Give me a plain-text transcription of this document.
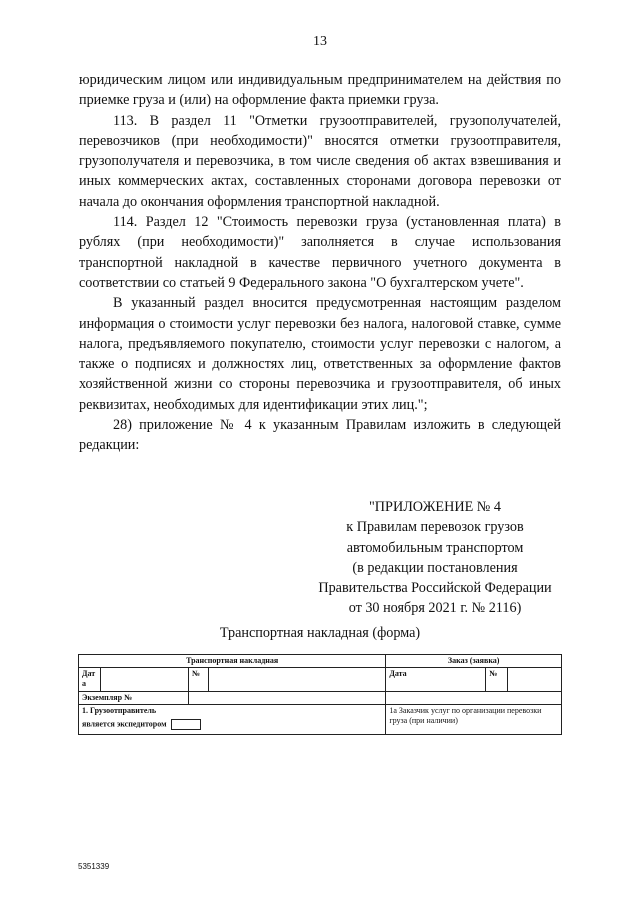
13

юридическим лицом или индивидуальным предпринимателем на действия по приемке груза и (или) на оформление факта приемки груза.

113. В раздел 11 "Отметки грузоотправителей, грузополучателей, перевозчиков (при необходимости)" вносятся отметки грузоотправителя, грузополучателя и перевозчика, в том числе сведения об актах взвешивания и иных коммерческих актах, составленных сторонами договора перевозки от начала до окончания оформления транспортной накладной.

114. Раздел 12 "Стоимость перевозки груза (установленная плата) в рублях (при необходимости)" заполняется в случае использования транспортной накладной в качестве первичного учетного документа в соответствии со статьей 9 Федерального закона "О бухгалтерском учете".

В указанный раздел вносится предусмотренная настоящим разделом информация о стоимости услуг перевозки без налога, налоговой ставке, сумме налога, предъявляемого покупателю, стоимости услуг перевозки с налогом, а также о подписях и должностях лиц, ответственных за оформление фактов хозяйственной жизни со стороны перевозчика и грузоотправителя, об иных реквизитах, необходимых для идентификации этих лиц.";

28) приложение № 4 к указанным Правилам изложить в следующей редакции:

"ПРИЛОЖЕНИЕ № 4
к Правилам перевозок грузов
автомобильным транспортом
(в редакции постановления
Правительства Российской Федерации
от 30 ноября 2021 г. № 2116)
Транспортная накладная (форма)
Транспортная накладная				Заказ (заявка)		
Дат а		№		Дата	№	
Экземпляр №						

1. Грузоотправитель
является экспедитором				1а Заказчик услуг по организации перевозки груза (при наличии)		
5351339
